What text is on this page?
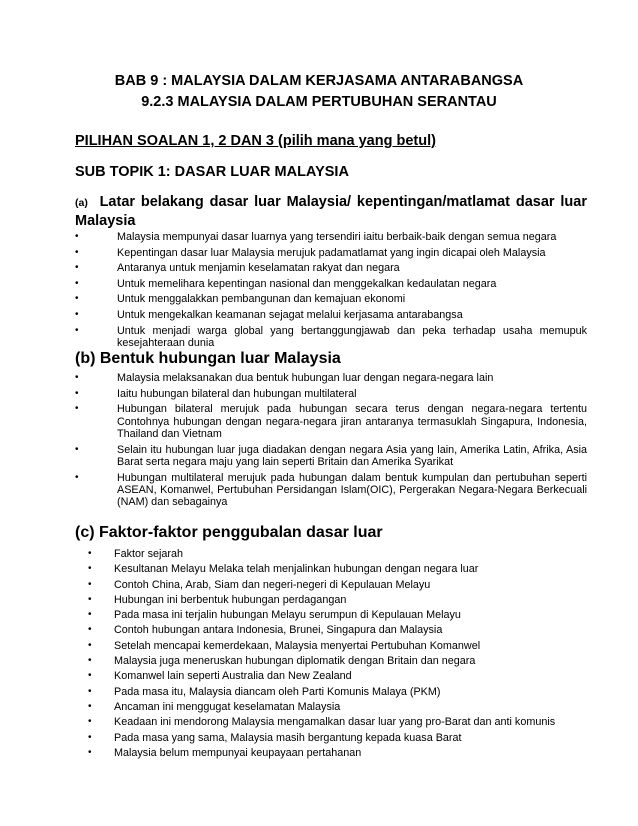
BAB 9 : MALAYSIA DALAM KERJASAMA ANTARABANGSA
9.2.3 MALAYSIA DALAM PERTUBUHAN SERANTAU
PILIHAN SOALAN 1, 2 DAN 3 (pilih mana yang betul)
SUB TOPIK 1: DASAR LUAR MALAYSIA
(a) Latar belakang dasar luar Malaysia/ kepentingan/matlamat dasar luar Malaysia
•	Malaysia mempunyai dasar luarnya yang tersendiri iaitu berbaik-baik dengan semua negara
•	Kepentingan dasar luar Malaysia merujuk padamatlamat yang ingin dicapai oleh Malaysia
•	Antaranya untuk menjamin keselamatan rakyat dan negara
•	Untuk memelihara kepentingan nasional dan menggekalkan kedaulatan negara
•	Untuk menggalakkan pembangunan dan kemajuan ekonomi
•	Untuk mengekalkan keamanan sejagat melalui kerjasama antarabangsa
•	Untuk menjadi warga global yang bertanggungjawab dan peka terhadap usaha memupuk kesejahteraan dunia
(b) Bentuk hubungan luar Malaysia
•	Malaysia melaksanakan dua bentuk hubungan luar dengan negara-negara lain
•	Iaitu hubungan bilateral dan hubungan multilateral
•	Hubungan bilateral merujuk pada hubungan secara terus dengan negara-negara tertentu Contohnya hubungan dengan negara-negara jiran antaranya termasuklah Singapura, Indonesia, Thailand dan Vietnam
•	Selain itu hubungan luar juga diadakan dengan negara Asia yang lain, Amerika Latin, Afrika, Asia Barat serta negara maju yang lain seperti Britain dan Amerika Syarikat
•	Hubungan multilateral merujuk pada hubungan dalam bentuk kumpulan dan pertubuhan seperti ASEAN, Komanwel, Pertubuhan Persidangan Islam(OIC), Pergerakan Negara-Negara Berkecuali (NAM) dan sebagainya
(c) Faktor-faktor penggubalan dasar luar
• Faktor sejarah
• Kesultanan Melayu Melaka telah menjalinkan hubungan dengan negara luar
• Contoh China, Arab, Siam dan negeri-negeri di Kepulauan Melayu
• Hubungan ini berbentuk hubungan perdagangan
• Pada masa ini terjalin hubungan Melayu serumpun di Kepulauan Melayu
• Contoh hubungan antara Indonesia, Brunei, Singapura dan Malaysia
• Setelah mencapai kemerdekaan, Malaysia menyertai Pertubuhan Komanwel
• Malaysia juga meneruskan hubungan diplomatik dengan Britain dan negara
• Komanwel lain seperti Australia dan New Zealand
• Pada masa itu, Malaysia diancam oleh Parti Komunis Malaya (PKM)
• Ancaman ini menggugat keselamatan Malaysia
• Keadaan ini mendorong Malaysia mengamalkan dasar luar yang pro-Barat dan anti komunis
• Pada masa yang sama, Malaysia masih bergantung kepada kuasa Barat
• Malaysia belum mempunyai keupayaan pertahanan
